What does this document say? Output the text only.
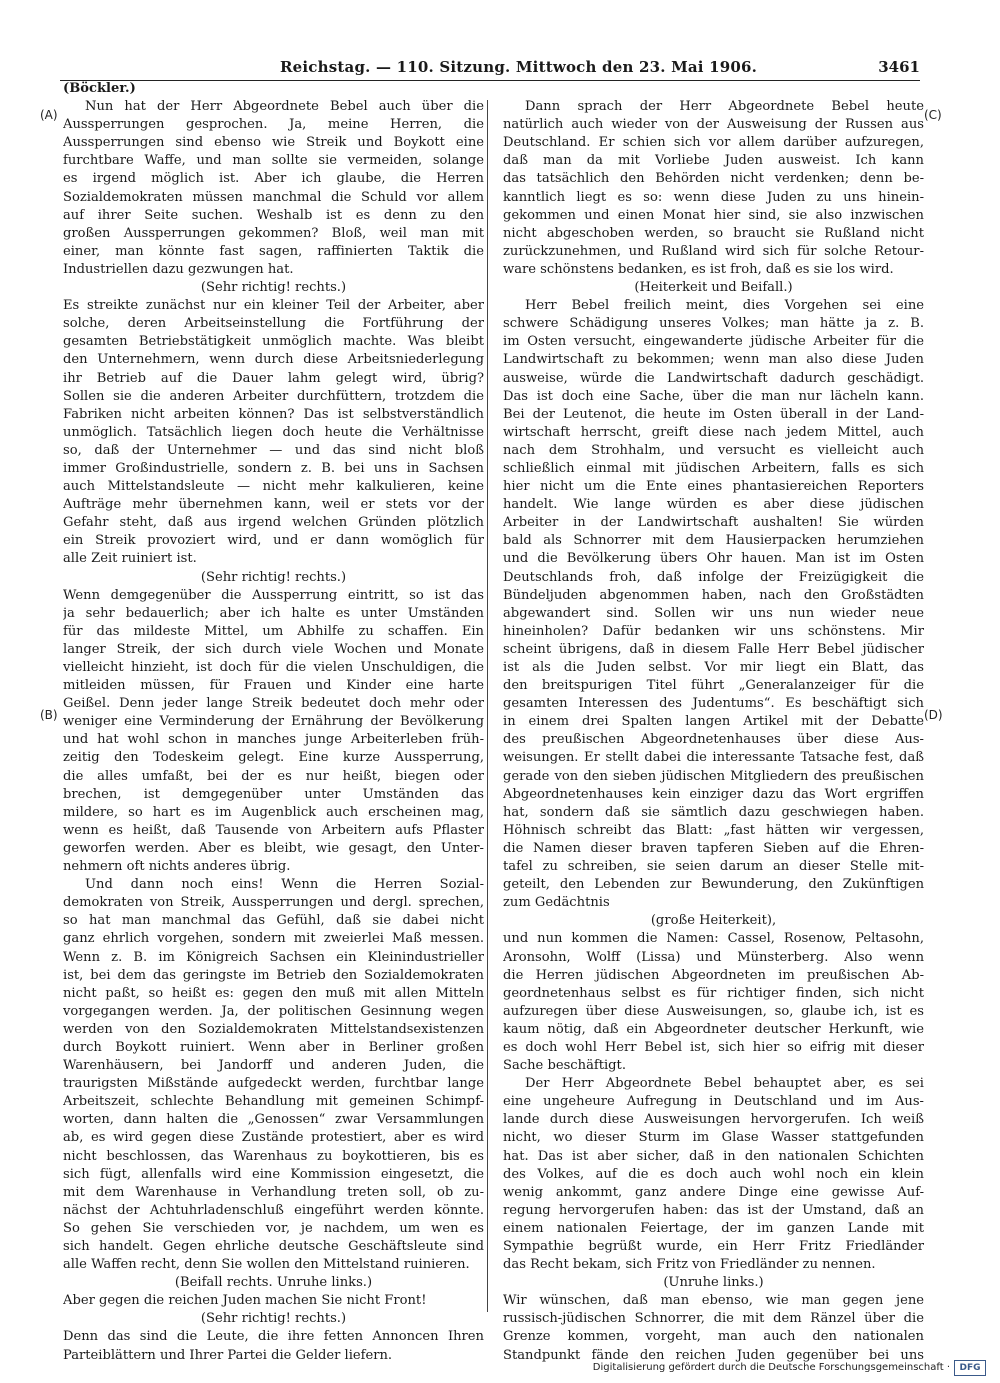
Reichstag. — 110. Sitzung. Mittwoch den 23. Mai 1906.	3461
(A)
(B)
(C)
(D)
(Böckler.)
Nun hat der Herr Abgeordnete Bebel auch über die
Aussperrungen gesprochen. Ja, meine Herren, die
Aussperrungen sind ebenso wie Streik und Boykott eine
furchtbare Waffe, und man sollte sie vermeiden, solange
es irgend möglich ist. Aber ich glaube, die Herren
Sozialdemokraten müssen manchmal die Schuld vor allem
auf ihrer Seite suchen. Weshalb ist es denn zu den
großen Aussperrungen gekommen? Bloß, weil man mit
einer, man könnte fast sagen, raffinierten Taktik die
Industriellen dazu gezwungen hat.
(Sehr richtig! rechts.)
Es streikte zunächst nur ein kleiner Teil der Arbeiter, aber
solche, deren Arbeitseinstellung die Fortführung der
gesamten Betriebstätigkeit unmöglich machte. Was bleibt
den Unternehmern, wenn durch diese Arbeitsniederlegung
ihr Betrieb auf die Dauer lahm gelegt wird, übrig?
Sollen sie die anderen Arbeiter durchfüttern, trotzdem die
Fabriken nicht arbeiten können? Das ist selbstverständlich
unmöglich. Tatsächlich liegen doch heute die Verhältnisse
so, daß der Unternehmer — und das sind nicht bloß
immer Großindustrielle, sondern z. B. bei uns in Sachsen
auch Mittelstandsleute — nicht mehr kalkulieren, keine
Aufträge mehr übernehmen kann, weil er stets vor der
Gefahr steht, daß aus irgend welchen Gründen plötzlich
ein Streik provoziert wird, und er dann womöglich für
alle Zeit ruiniert ist.
(Sehr richtig! rechts.)
Wenn demgegenüber die Aussperrung eintritt, so ist das
ja sehr bedauerlich; aber ich halte es unter Umständen
für das mildeste Mittel, um Abhilfe zu schaffen. Ein
langer Streik, der sich durch viele Wochen und Monate
vielleicht hinzieht, ist doch für die vielen Unschuldigen, die
mitleiden müssen, für Frauen und Kinder eine harte
Geißel. Denn jeder lange Streik bedeutet doch mehr oder
weniger eine Verminderung der Ernährung der Bevölkerung
und hat wohl schon in manches junge Arbeiterleben früh-
zeitig den Todeskeim gelegt. Eine kurze Aussperrung,
die alles umfaßt, bei der es nur heißt, biegen oder
brechen, ist demgegenüber unter Umständen das
mildere, so hart es im Augenblick auch erscheinen mag,
wenn es heißt, daß Tausende von Arbeitern aufs Pflaster
geworfen werden. Aber es bleibt, wie gesagt, den Unter-
nehmern oft nichts anderes übrig.
Und dann noch eins! Wenn die Herren Sozial-
demokraten von Streik, Aussperrungen und dergl. sprechen,
so hat man manchmal das Gefühl, daß sie dabei nicht
ganz ehrlich vorgehen, sondern mit zweierlei Maß messen.
Wenn z. B. im Königreich Sachsen ein Kleinindustrieller
ist, bei dem das geringste im Betrieb den Sozialdemokraten
nicht paßt, so heißt es: gegen den muß mit allen Mitteln
vorgegangen werden. Ja, der politischen Gesinnung wegen
werden von den Sozialdemokraten Mittelstandsexistenzen
durch Boykott ruiniert. Wenn aber in Berliner großen
Warenhäusern, bei Jandorff und anderen Juden, die
traurigsten Mißstände aufgedeckt werden, furchtbar lange
Arbeitszeit, schlechte Behandlung mit gemeinen Schimpf-
worten, dann halten die „Genossen“ zwar Versammlungen
ab, es wird gegen diese Zustände protestiert, aber es wird
nicht beschlossen, das Warenhaus zu boykottieren, bis es
sich fügt, allenfalls wird eine Kommission eingesetzt, die
mit dem Warenhause in Verhandlung treten soll, ob zu-
nächst der Achtuhrladenschluß eingeführt werden könnte.
So gehen Sie verschieden vor, je nachdem, um wen es
sich handelt. Gegen ehrliche deutsche Geschäftsleute sind
alle Waffen recht, denn Sie wollen den Mittelstand ruinieren.
(Beifall rechts. Unruhe links.)
Aber gegen die reichen Juden machen Sie nicht Front!
(Sehr richtig! rechts.)
Denn das sind die Leute, die ihre fetten Annoncen Ihren
Parteiblättern und Ihrer Partei die Gelder liefern.
Dann sprach der Herr Abgeordnete Bebel heute
natürlich auch wieder von der Ausweisung der Russen aus
Deutschland. Er schien sich vor allem darüber aufzuregen,
daß man da mit Vorliebe Juden ausweist. Ich kann
das tatsächlich den Behörden nicht verdenken; denn be-
kanntlich liegt es so: wenn diese Juden zu uns hinein-
gekommen und einen Monat hier sind, sie also inzwischen
nicht abgeschoben werden, so braucht sie Rußland nicht
zurückzunehmen, und Rußland wird sich für solche Retour-
ware schönstens bedanken, es ist froh, daß es sie los wird.
(Heiterkeit und Beifall.)
Herr Bebel freilich meint, dies Vorgehen sei eine
schwere Schädigung unseres Volkes; man hätte ja z. B.
im Osten versucht, eingewanderte jüdische Arbeiter für die
Landwirtschaft zu bekommen; wenn man also diese Juden
ausweise, würde die Landwirtschaft dadurch geschädigt.
Das ist doch eine Sache, über die man nur lächeln kann.
Bei der Leutenot, die heute im Osten überall in der Land-
wirtschaft herrscht, greift diese nach jedem Mittel, auch
nach dem Strohhalm, und versucht es vielleicht auch
schließlich einmal mit jüdischen Arbeitern, falls es sich
hier nicht um die Ente eines phantasiereichen Reporters
handelt. Wie lange würden es aber diese jüdischen
Arbeiter in der Landwirtschaft aushalten! Sie würden
bald als Schnorrer mit dem Hausierpacken herumziehen
und die Bevölkerung übers Ohr hauen. Man ist im Osten
Deutschlands froh, daß infolge der Freizügigkeit die
Bündeljuden abgenommen haben, nach den Großstädten
abgewandert sind. Sollen wir uns nun wieder neue
hineinholen? Dafür bedanken wir uns schönstens. Mir
scheint übrigens, daß in diesem Falle Herr Bebel jüdischer
ist als die Juden selbst. Vor mir liegt ein Blatt, das
den breitspurigen Titel führt „Generalanzeiger für die
gesamten Interessen des Judentums“. Es beschäftigt sich
in einem drei Spalten langen Artikel mit der Debatte
des preußischen Abgeordnetenhauses über diese Aus-
weisungen. Er stellt dabei die interessante Tatsache fest, daß
gerade von den sieben jüdischen Mitgliedern des preußischen
Abgeordnetenhauses kein einziger dazu das Wort ergriffen
hat, sondern daß sie sämtlich dazu geschwiegen haben.
Höhnisch schreibt das Blatt: „fast hätten wir vergessen,
die Namen dieser braven tapferen Sieben auf die Ehren-
tafel zu schreiben, sie seien darum an dieser Stelle mit-
geteilt, den Lebenden zur Bewunderung, den Zukünftigen
zum Gedächtnis
(große Heiterkeit),
und nun kommen die Namen: Cassel, Rosenow, Peltasohn,
Aronsohn, Wolff (Lissa) und Münsterberg. Also wenn
die Herren jüdischen Abgeordneten im preußischen Ab-
geordnetenhaus selbst es für richtiger finden, sich nicht
aufzuregen über diese Ausweisungen, so, glaube ich, ist es
kaum nötig, daß ein Abgeordneter deutscher Herkunft, wie
es doch wohl Herr Bebel ist, sich hier so eifrig mit dieser
Sache beschäftigt.
Der Herr Abgeordnete Bebel behauptet aber, es sei
eine ungeheure Aufregung in Deutschland und im Aus-
lande durch diese Ausweisungen hervorgerufen. Ich weiß
nicht, wo dieser Sturm im Glase Wasser stattgefunden
hat. Das ist aber sicher, daß in den nationalen Schichten
des Volkes, auf die es doch auch wohl noch ein klein
wenig ankommt, ganz andere Dinge eine gewisse Auf-
regung hervorgerufen haben: das ist der Umstand, daß an
einem nationalen Feiertage, der im ganzen Lande mit
Sympathie begrüßt wurde, ein Herr Fritz Friedländer
das Recht bekam, sich Fritz von Friedländer zu nennen.
(Unruhe links.)
Wir wünschen, daß man ebenso, wie man gegen jene
russisch-jüdischen Schnorrer, die mit dem Ränzel über die
Grenze kommen, vorgeht, man auch den nationalen
Standpunkt fände den reichen Juden gegenüber bei uns
Digitalisierung gefördert durch die Deutsche Forschungsgemeinschaft ·	DFG
